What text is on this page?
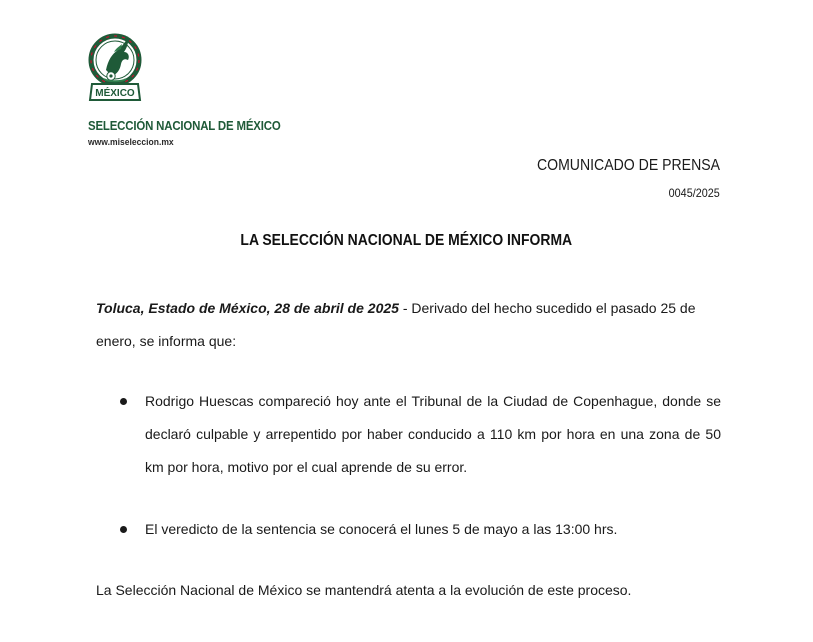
MÉXICO
SELECCIÓN NACIONAL DE MÉXICO
www.miseleccion.mx
COMUNICADO DE PRENSA
0045/2025
LA SELECCIÓN NACIONAL DE MÉXICO INFORMA
Toluca, Estado de México, 28 de abril de 2025 - Derivado del hecho sucedido el pasado 25 de enero, se informa que:
Rodrigo Huescas compareció hoy ante el Tribunal de la Ciudad de Copenhague, donde se declaró culpable y arrepentido por haber conducido a 110 km por hora en una zona de 50 km por hora, motivo por el cual aprende de su error.
El veredicto de la sentencia se conocerá el lunes 5 de mayo a las 13:00 hrs.
La Selección Nacional de México se mantendrá atenta a la evolución de este proceso.
